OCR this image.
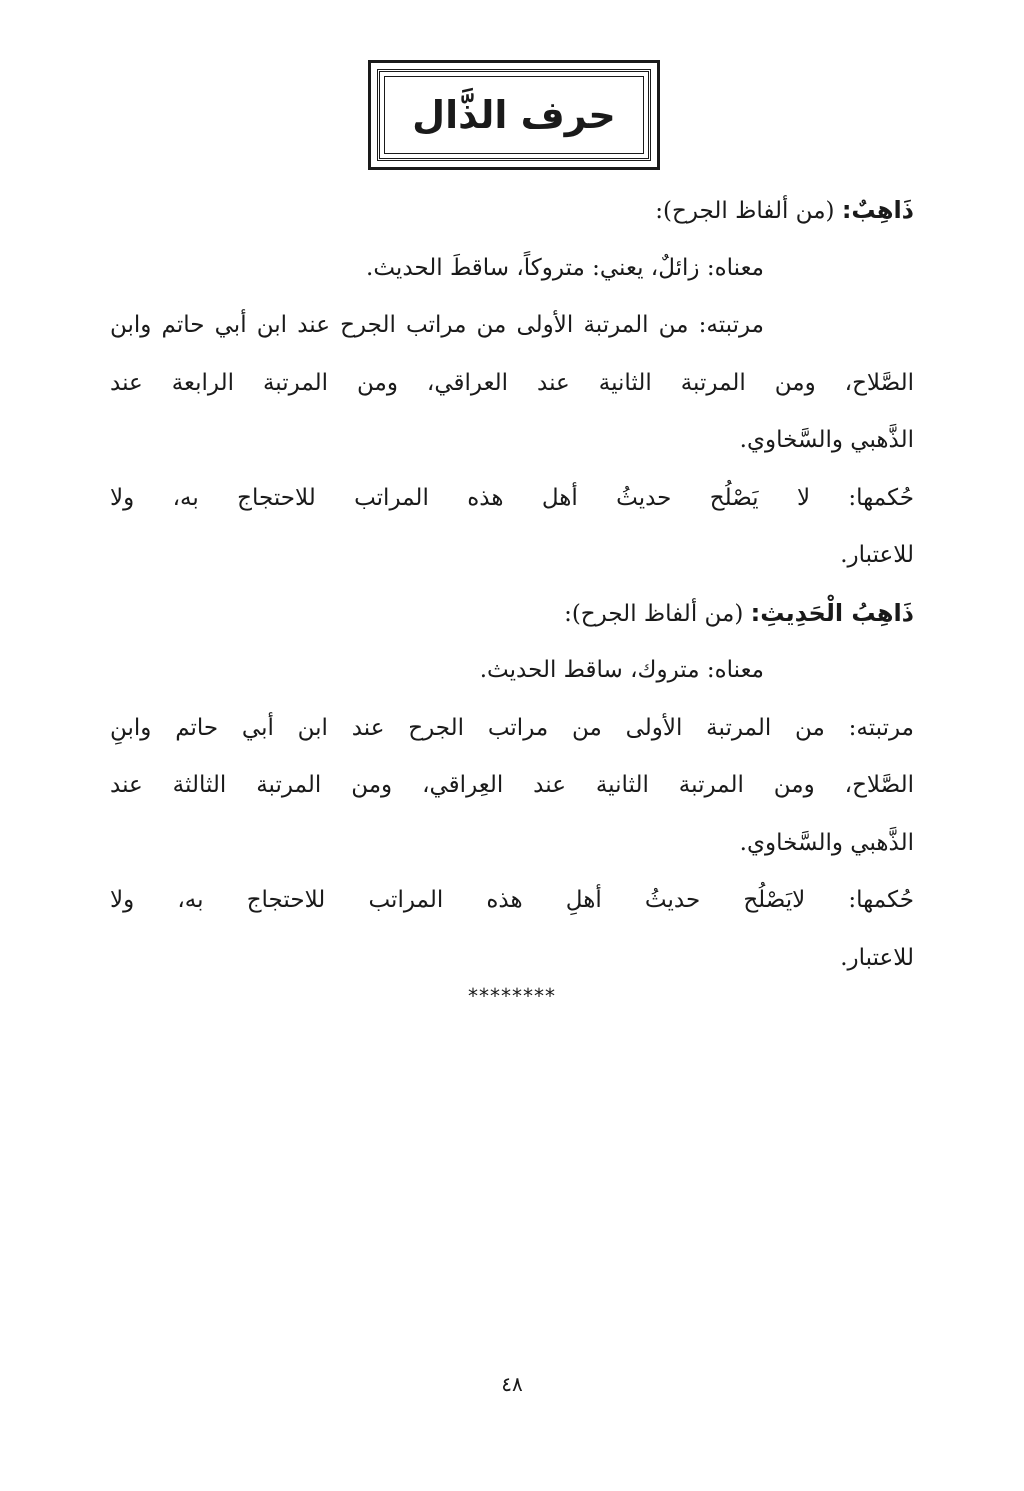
حرف الذَّال
ذَاهِبٌ: (من ألفاظ الجرح):
معناه: زائلٌ، يعني: متروكاً، ساقطَ الحديث.
مرتبته: من المرتبة الأولى من مراتب الجرح عند ابن أبي حاتم وابن
الصَّلاح، ومن المرتبة الثانية عند العراقي، ومن المرتبة الرابعة عند
الذَّهبي والسَّخاوي.
حُكمها: لا يَصْلُح حديثُ أهل هذه المراتب للاحتجاج به، ولا
للاعتبار.
ذَاهِبُ الْحَدِيثِ: (من ألفاظ الجرح):
معناه: متروك، ساقط الحديث.
مرتبته: من المرتبة الأولى من مراتب الجرح عند ابن أبي حاتم وابنِ
الصَّلاح، ومن المرتبة الثانية عند العِراقي، ومن المرتبة الثالثة عند
الذَّهبي والسَّخاوي.
حُكمها: لايَصْلُح حديثُ أهلِ هذه المراتب للاحتجاج به، ولا
للاعتبار.
********
٤٨
